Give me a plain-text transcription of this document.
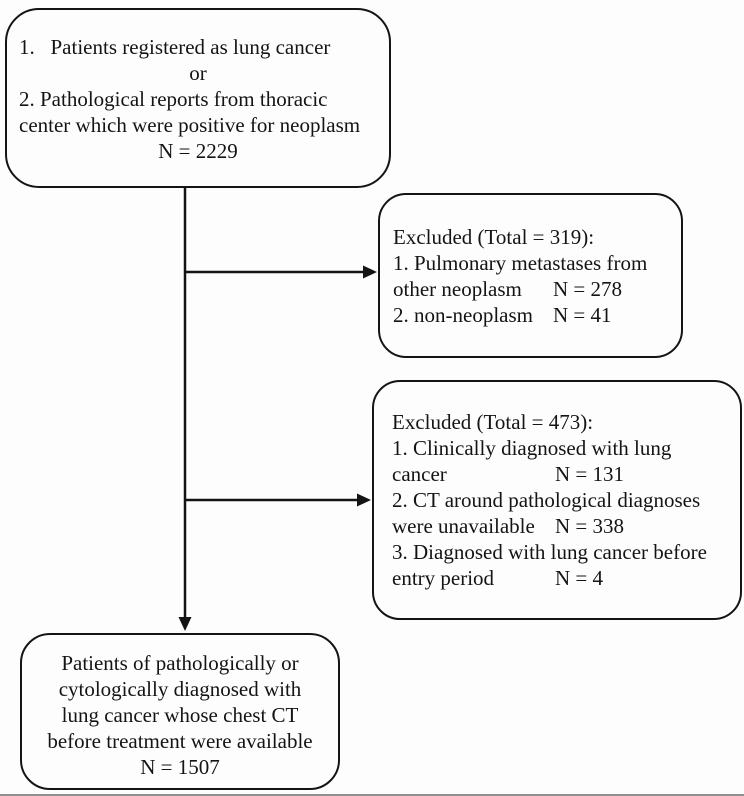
1.   Patients registered as lung cancer
or
2. Pathological reports from thoracic
center which were positive for neoplasm
N = 2229
Excluded (Total = 319):
1. Pulmonary metastases from
other neoplasm N = 278
2. non-neoplasm N = 41
Excluded (Total = 473):
1. Clinically diagnosed with lung
cancer	N = 131
2. CT around pathological diagnoses
were unavailable N = 338
3. Diagnosed with lung cancer before
entry period	N = 4
Patients of pathologically or
cytologically diagnosed with
lung cancer whose chest CT
before treatment were available
N = 1507
